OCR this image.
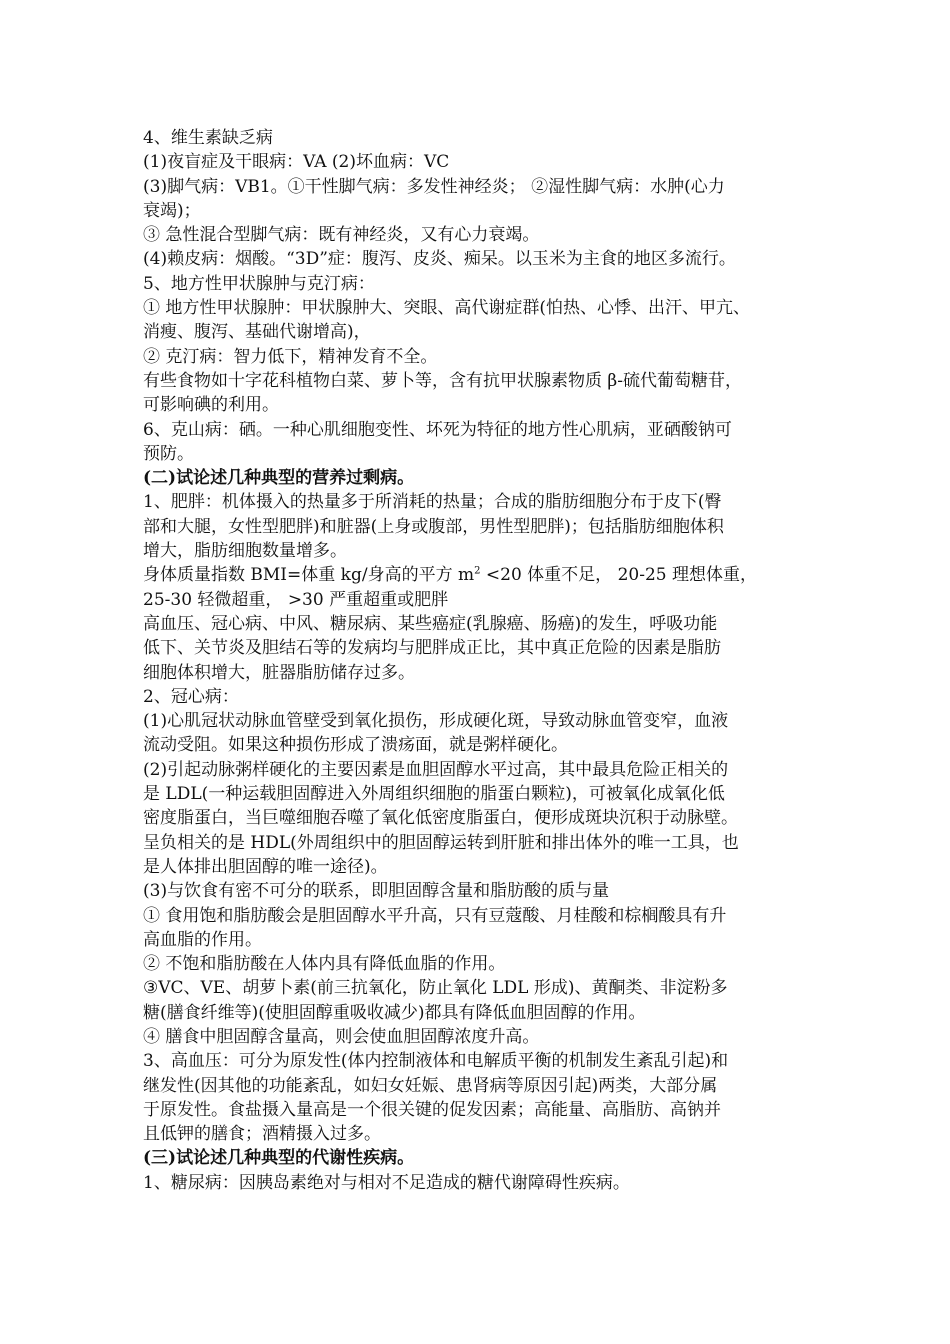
4、维生素缺乏病
(1)夜盲症及干眼病：VA (2)坏血病：VC
(3)脚气病：VB1。①干性脚气病：多发性神经炎； ②湿性脚气病：水肿(心力
衰竭)；
③ 急性混合型脚气病：既有神经炎，又有心力衰竭。
(4)赖皮病：烟酸。“3D”症：腹泻、皮炎、痴呆。以玉米为主食的地区多流行。
5、地方性甲状腺肿与克汀病：
① 地方性甲状腺肿：甲状腺肿大、突眼、高代谢症群(怕热、心悸、出汗、甲亢、
消瘦、腹泻、基础代谢增高)，
② 克汀病：智力低下，精神发育不全。
有些食物如十字花科植物白菜、萝卜等，含有抗甲状腺素物质 β-硫代葡萄糖苷，
可影响碘的利用。
6、克山病：硒。一种心肌细胞变性、坏死为特征的地方性心肌病，亚硒酸钠可
预防。
(二)试论述几种典型的营养过剩病。
1、肥胖：机体摄入的热量多于所消耗的热量；合成的脂肪细胞分布于皮下(臀
部和大腿，女性型肥胖)和脏器(上身或腹部，男性型肥胖)；包括脂肪细胞体积
增大，脂肪细胞数量增多。
身体质量指数 BMI=体重 kg/身高的平方 $m^2 <20$ 体重不足， 20-25 理想体重，
25-30 轻微超重， >30 严重超重或肥胖
高血压、冠心病、中风、糖尿病、某些癌症(乳腺癌、肠癌)的发生，呼吸功能
低下、关节炎及胆结石等的发病均与肥胖成正比，其中真正危险的因素是脂肪
细胞体积增大，脏器脂肪储存过多。
2、冠心病：
(1)心肌冠状动脉血管壁受到氧化损伤，形成硬化斑，导致动脉血管变窄，血液
流动受阻。如果这种损伤形成了溃疡面，就是粥样硬化。
(2)引起动脉粥样硬化的主要因素是血胆固醇水平过高，其中最具危险正相关的
是 LDL(一种运载胆固醇进入外周组织细胞的脂蛋白颗粒)，可被氧化成氧化低
密度脂蛋白，当巨噬细胞吞噬了氧化低密度脂蛋白，便形成斑块沉积于动脉壁。
呈负相关的是 HDL(外周组织中的胆固醇运转到肝脏和排出体外的唯一工具，也
是人体排出胆固醇的唯一途径)。
(3)与饮食有密不可分的联系，即胆固醇含量和脂肪酸的质与量
① 食用饱和脂肪酸会是胆固醇水平升高，只有豆蔻酸、月桂酸和棕榈酸具有升
高血脂的作用。
② 不饱和脂肪酸在人体内具有降低血脂的作用。
③VC、VE、胡萝卜素(前三抗氧化，防止氧化 LDL 形成)、黄酮类、非淀粉多
糖(膳食纤维等)(使胆固醇重吸收减少)都具有降低血胆固醇的作用。
④ 膳食中胆固醇含量高，则会使血胆固醇浓度升高。
3、高血压：可分为原发性(体内控制液体和电解质平衡的机制发生紊乱引起)和
继发性(因其他的功能紊乱，如妇女妊娠、患肾病等原因引起)两类，大部分属
于原发性。食盐摄入量高是一个很关键的促发因素；高能量、高脂肪、高钠并
且低钾的膳食；酒精摄入过多。
(三)试论述几种典型的代谢性疾病。
1、糖尿病：因胰岛素绝对与相对不足造成的糖代谢障碍性疾病。
